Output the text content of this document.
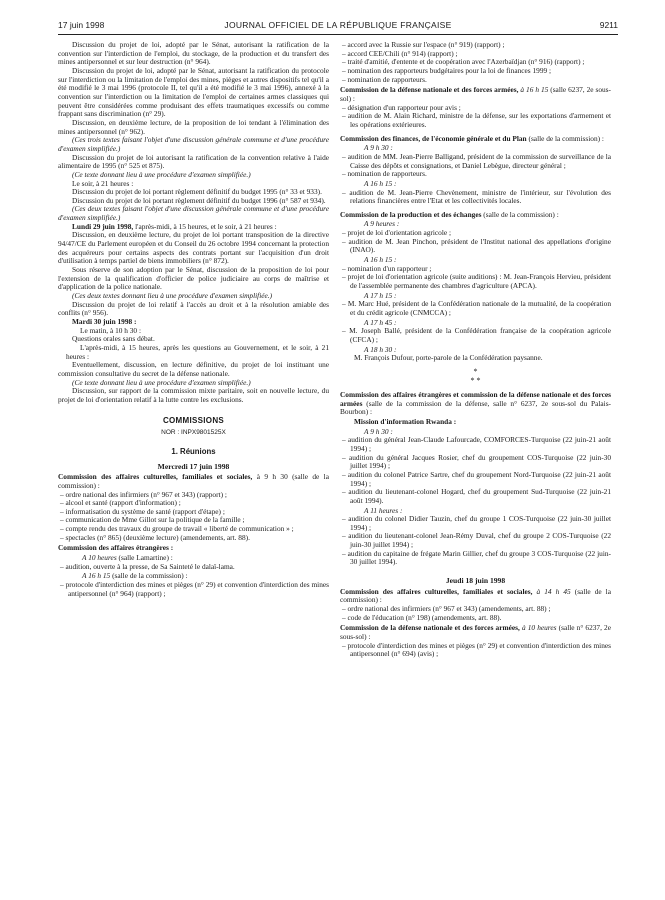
17 juin 1998	JOURNAL OFFICIEL DE LA RÉPUBLIQUE FRANÇAISE	9211

Discussion du projet de loi, adopté par le Sénat, autorisant la ratification de la convention sur l'interdiction de l'emploi, du stockage, de la production et du transfert des mines antipersonnel et sur leur destruction (n° 964).

Discussion du projet de loi, adopté par le Sénat, autorisant la ratification du protocole sur l'interdiction ou la limitation de l'emploi des mines, pièges et autres dispositifs tel qu'il a été modifié le 3 mai 1996 (protocole II, tel qu'il a été modifié le 3 mai 1996), annexé à la convention sur l'interdiction ou la limitation de l'emploi de certaines armes classiques qui peuvent être considérées comme produisant des effets traumatiques excessifs ou comme frappant sans discrimination (n° 29).

Discussion, en deuxième lecture, de la proposition de loi tendant à l'élimination des mines antipersonnel (n° 962).

(Ces trois textes faisant l'objet d'une discussion générale commune et d'une procédure d'examen simplifiée.)

Discussion du projet de loi autorisant la ratification de la convention relative à l'aide alimentaire de 1995 (n° 525 et 875).

(Ce texte donnant lieu à une procédure d'examen simplifiée.)

Le soir, à 21 heures :

Discussion du projet de loi portant règlement définitif du budget 1995 (n° 33 et 933).

Discussion du projet de loi portant règlement définitif du budget 1996 (n° 587 et 934).

(Ces deux textes faisant l'objet d'une discussion générale commune et d'une procédure d'examen simplifiée.)

Lundi 29 juin 1998, l'après-midi, à 15 heures, et le soir, à 21 heures :

Discussion, en deuxième lecture, du projet de loi portant transposition de la directive 94/47/CE du Parlement européen et du Conseil du 26 octobre 1994 concernant la protection des acquéreurs pour certains aspects des contrats portant sur l'acquisition d'un droit d'utilisation à temps partiel de biens immobiliers (n° 872).

Sous réserve de son adoption par le Sénat, discussion de la proposition de loi pour l'extension de la qualification d'officier de police judiciaire au corps de maîtrise et d'application de la police nationale.

(Ces deux textes donnant lieu à une procédure d'examen simplifiée.)

Discussion du projet de loi relatif à l'accès au droit et à la résolution amiable des conflits (n° 956).

Mardi 30 juin 1998 :

Le matin, à 10 h 30 :

Questions orales sans débat.

L'après-midi, à 15 heures, après les questions au Gouvernement, et le soir, à 21 heures :

Eventuellement, discussion, en lecture définitive, du projet de loi instituant une commission consultative du secret de la défense nationale.

(Ce texte donnant lieu à une procédure d'examen simplifiée.)

Discussion, sur rapport de la commission mixte paritaire, soit en nouvelle lecture, du projet de loi d'orientation relatif à la lutte contre les exclusions.

COMMISSIONS
NOR : INPX9801525X
1. Réunions
Mercredi 17 juin 1998

Commission des affaires culturelles, familiales et sociales, à 9 h 30 (salle de la commission) :

– ordre national des infirmiers (n° 967 et 343) (rapport) ;

– alcool et santé (rapport d'information) ;

– informatisation du système de santé (rapport d'étape) ;

– communication de Mme Gillot sur la politique de la famille ;

– compte rendu des travaux du groupe de travail « liberté de communication » ;

– spectacles (n° 865) (deuxième lecture) (amendements, art. 88).

Commission des affaires étrangères :

A 10 heures (salle Lamartine) :

– audition, ouverte à la presse, de Sa Sainteté le dalaï-lama.

A 16 h 15 (salle de la commission) :

– protocole d'interdiction des mines et pièges (n° 29) et convention d'interdiction des mines antipersonnel (n° 964) (rapport) ;

– accord avec la Russie sur l'espace (n° 919) (rapport) ;

– accord CEE/Chili (n° 914) (rapport) ;

– traité d'amitié, d'entente et de coopération avec l'Azerbaïdjan (n° 916) (rapport) ;

– nomination des rapporteurs budgétaires pour la loi de finances 1999 ;

– nomination de rapporteurs.

Commission de la défense nationale et des forces armées, à 16 h 15 (salle 6237, 2e sous-sol) :

– désignation d'un rapporteur pour avis ;

– audition de M. Alain Richard, ministre de la défense, sur les exportations d'armement et les opérations extérieures.

Commission des finances, de l'économie générale et du Plan (salle de la commission) :

A 9 h 30 :

– audition de MM. Jean-Pierre Balligand, président de la commission de surveillance de la Caisse des dépôts et consignations, et Daniel Lebègue, directeur général ;

– nomination de rapporteurs.

A 16 h 15 :

– audition de M. Jean-Pierre Chevènement, ministre de l'intérieur, sur l'évolution des relations financières entre l'Etat et les collectivités locales.

Commission de la production et des échanges (salle de la commission) :

A 9 heures :

– projet de loi d'orientation agricole ;

– audition de M. Jean Pinchon, président de l'Institut national des appellations d'origine (INAO).

A 16 h 15 :

– nomination d'un rapporteur ;

– projet de loi d'orientation agricole (suite auditions) : M. Jean-François Hervieu, président de l'assemblée permanente des chambres d'agriculture (APCA).

A 17 h 15 :

– M. Marc Hué, président de la Confédération nationale de la mutualité, de la coopération et du crédit agricole (CNMCCA) ;

A 17 h 45 :

– M. Joseph Ballé, président de la Confédération française de la coopération agricole (CFCA) ;

A 18 h 30 :

M. François Dufour, porte-parole de la Confédération paysanne.

*
* *

Commission des affaires étrangères et commission de la défense nationale et des forces armées (salle de la commission de la défense, salle n° 6237, 2e sous-sol du Palais-Bourbon) :

Mission d'information Rwanda :

A 9 h 30 :

– audition du général Jean-Claude Lafourcade, COMFORCES-Turquoise (22 juin-21 août 1994) ;

– audition du général Jacques Rosier, chef du groupement COS-Turquoise (22 juin-30 juillet 1994) ;

– audition du colonel Patrice Sartre, chef du groupement Nord-Turquoise (22 juin-21 août 1994) ;

– audition du lieutenant-colonel Hogard, chef du groupement Sud-Turquoise (22 juin-21 août 1994).

A 11 heures :

– audition du colonel Didier Tauzin, chef du groupe 1 COS-Turquoise (22 juin-30 juillet 1994) ;

– audition du lieutenant-colonel Jean-Rémy Duval, chef du groupe 2 COS-Turquoise (22 juin-30 juillet 1994) ;

– audition du capitaine de frégate Marin Gillier, chef du groupe 3 COS-Turquoise (22 juin-30 juillet 1994).

Jeudi 18 juin 1998

Commission des affaires culturelles, familiales et sociales, à 14 h 45 (salle de la commission) :

– ordre national des infirmiers (n° 967 et 343) (amendements, art. 88) ;

– code de l'éducation (n° 198) (amendements, art. 88).

Commission de la défense nationale et des forces armées, à 10 heures (salle n° 6237, 2e sous-sol) :

– protocole d'interdiction des mines et pièges (n° 29) et convention d'interdiction des mines antipersonnel (n° 694) (avis) ;
